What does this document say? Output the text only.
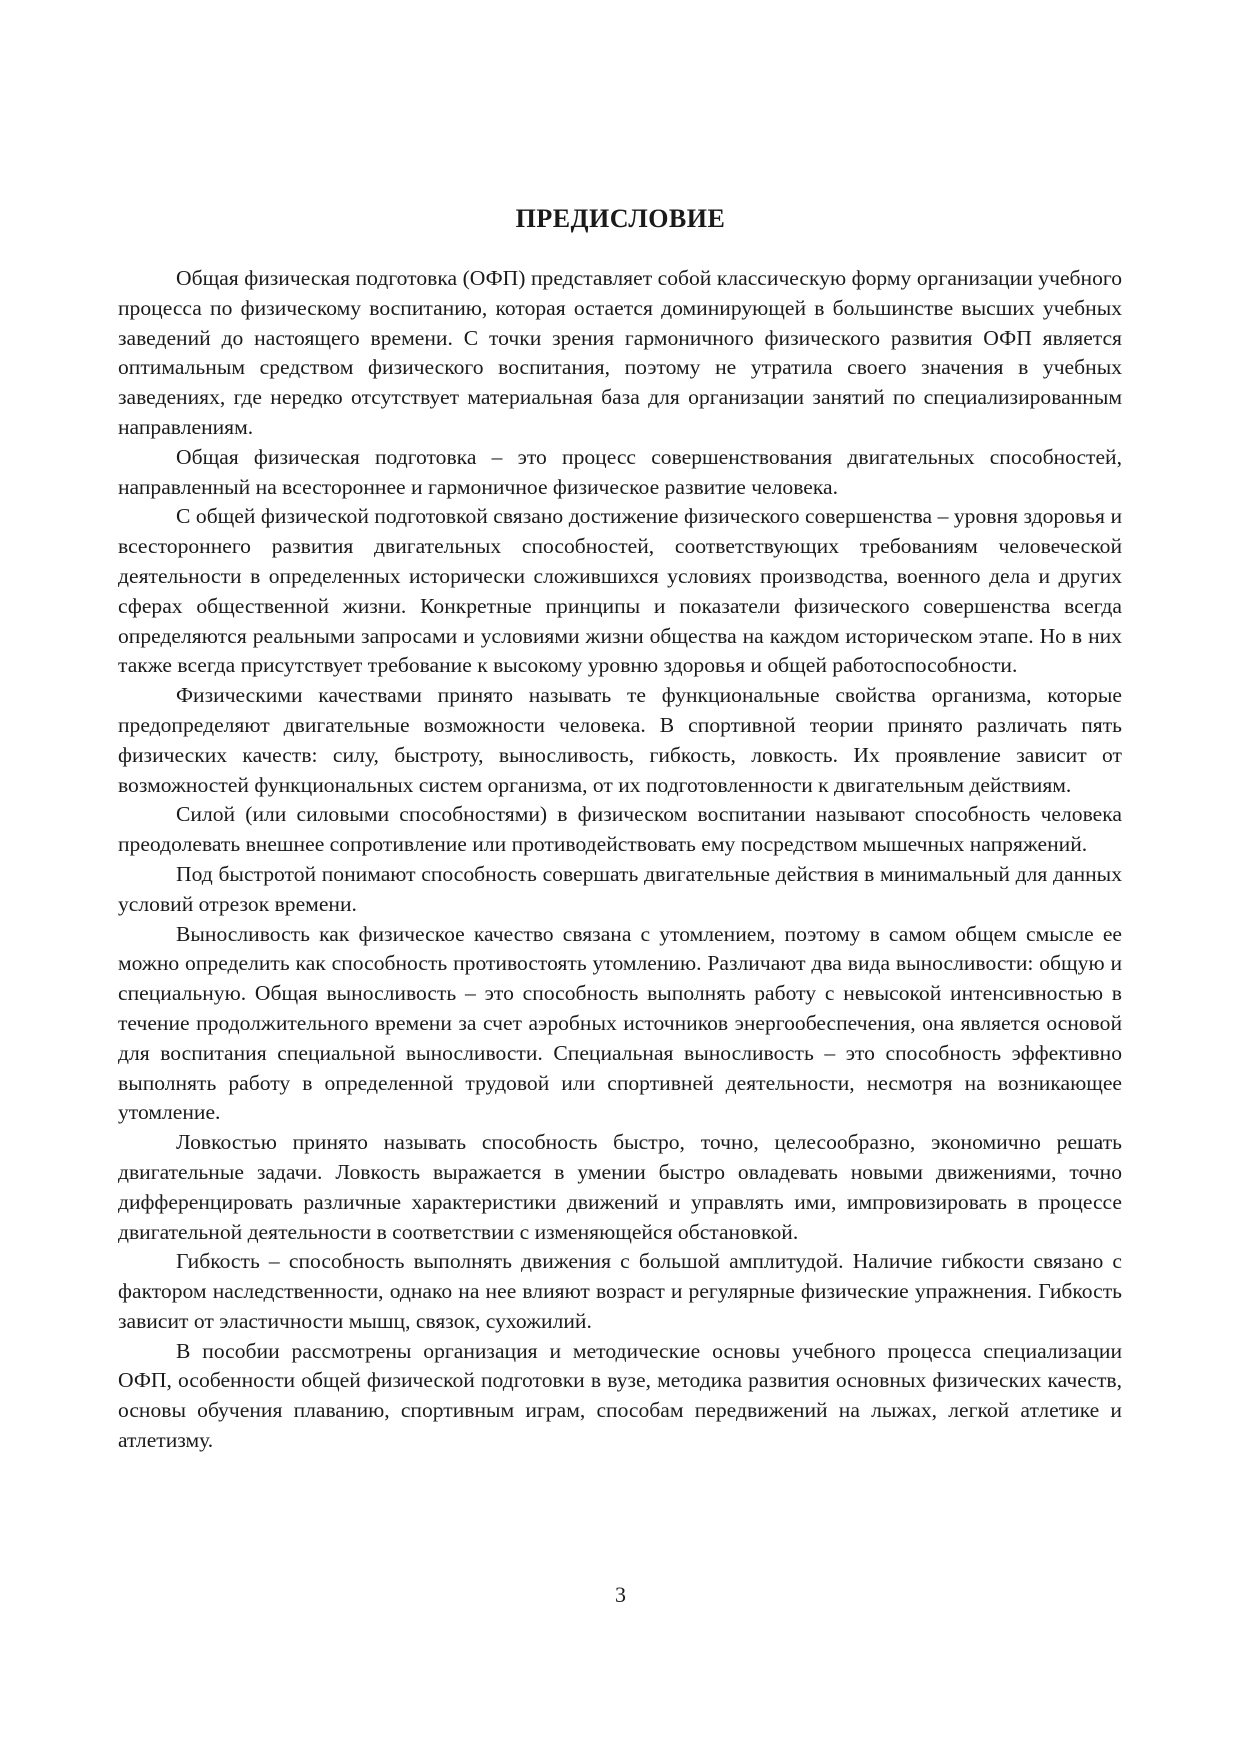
ПРЕДИСЛОВИЕ

Общая физическая подготовка (ОФП) представляет собой классическую форму организации учебного процесса по физическому воспитанию, которая остается доминирующей в большинстве высших учебных заведений до настоящего времени. С точки зрения гармоничного физического развития ОФП является оптимальным средством физического воспитания, поэтому не утратила своего значения в учебных заведениях, где нередко отсутствует материальная база для организации занятий по специализированным направлениям.

Общая физическая подготовка – это процесс совершенствования двигательных способностей, направленный на всестороннее и гармоничное физическое развитие человека.

С общей физической подготовкой связано достижение физического совершенства – уровня здоровья и всестороннего развития двигательных способностей, соответствующих требованиям человеческой деятельности в определенных исторически сложившихся условиях производства, военного дела и других сферах общественной жизни. Конкретные принципы и показатели физического совершенства всегда определяются реальными запросами и условиями жизни общества на каждом историческом этапе. Но в них также всегда присутствует требование к высокому уровню здоровья и общей работоспособности.

Физическими качествами принято называть те функциональные свойства организма, которые предопределяют двигательные возможности человека. В спортивной теории принято различать пять физических качеств: силу, быстроту, выносливость, гибкость, ловкость. Их проявление зависит от возможностей функциональных систем организма, от их подготовленности к двигательным действиям.

Силой (или силовыми способностями) в физическом воспитании называют способность человека преодолевать внешнее сопротивление или противодействовать ему посредством мышечных напряжений.

Под быстротой понимают способность совершать двигательные действия в минимальный для данных условий отрезок времени.

Выносливость как физическое качество связана с утомлением, поэтому в самом общем смысле ее можно определить как способность противостоять утомлению. Различают два вида выносливости: общую и специальную. Общая выносливость – это способность выполнять работу с невысокой интенсивностью в течение продолжительного времени за счет аэробных источников энергообеспечения, она является основой для воспитания специальной выносливости. Специальная выносливость – это способность эффективно выполнять работу в определенной трудовой или спортивней деятельности, несмотря на возникающее утомление.

Ловкостью принято называть способность быстро, точно, целесообразно, экономично решать двигательные задачи. Ловкость выражается в умении быстро овладевать новыми движениями, точно дифференцировать различные характеристики движений и управлять ими, импровизировать в процессе двигательной деятельности в соответствии с изменяющейся обстановкой.

Гибкость – способность выполнять движения с большой амплитудой. Наличие гибкости связано с фактором наследственности, однако на нее влияют возраст и регулярные физические упражнения. Гибкость зависит от эластичности мышц, связок, сухожилий.

В пособии рассмотрены организация и методические основы учебного процесса специализации ОФП, особенности общей физической подготовки в вузе, методика развития основных физических качеств, основы обучения плаванию, спортивным играм, способам передвижений на лыжах, легкой атлетике и атлетизму.

3
